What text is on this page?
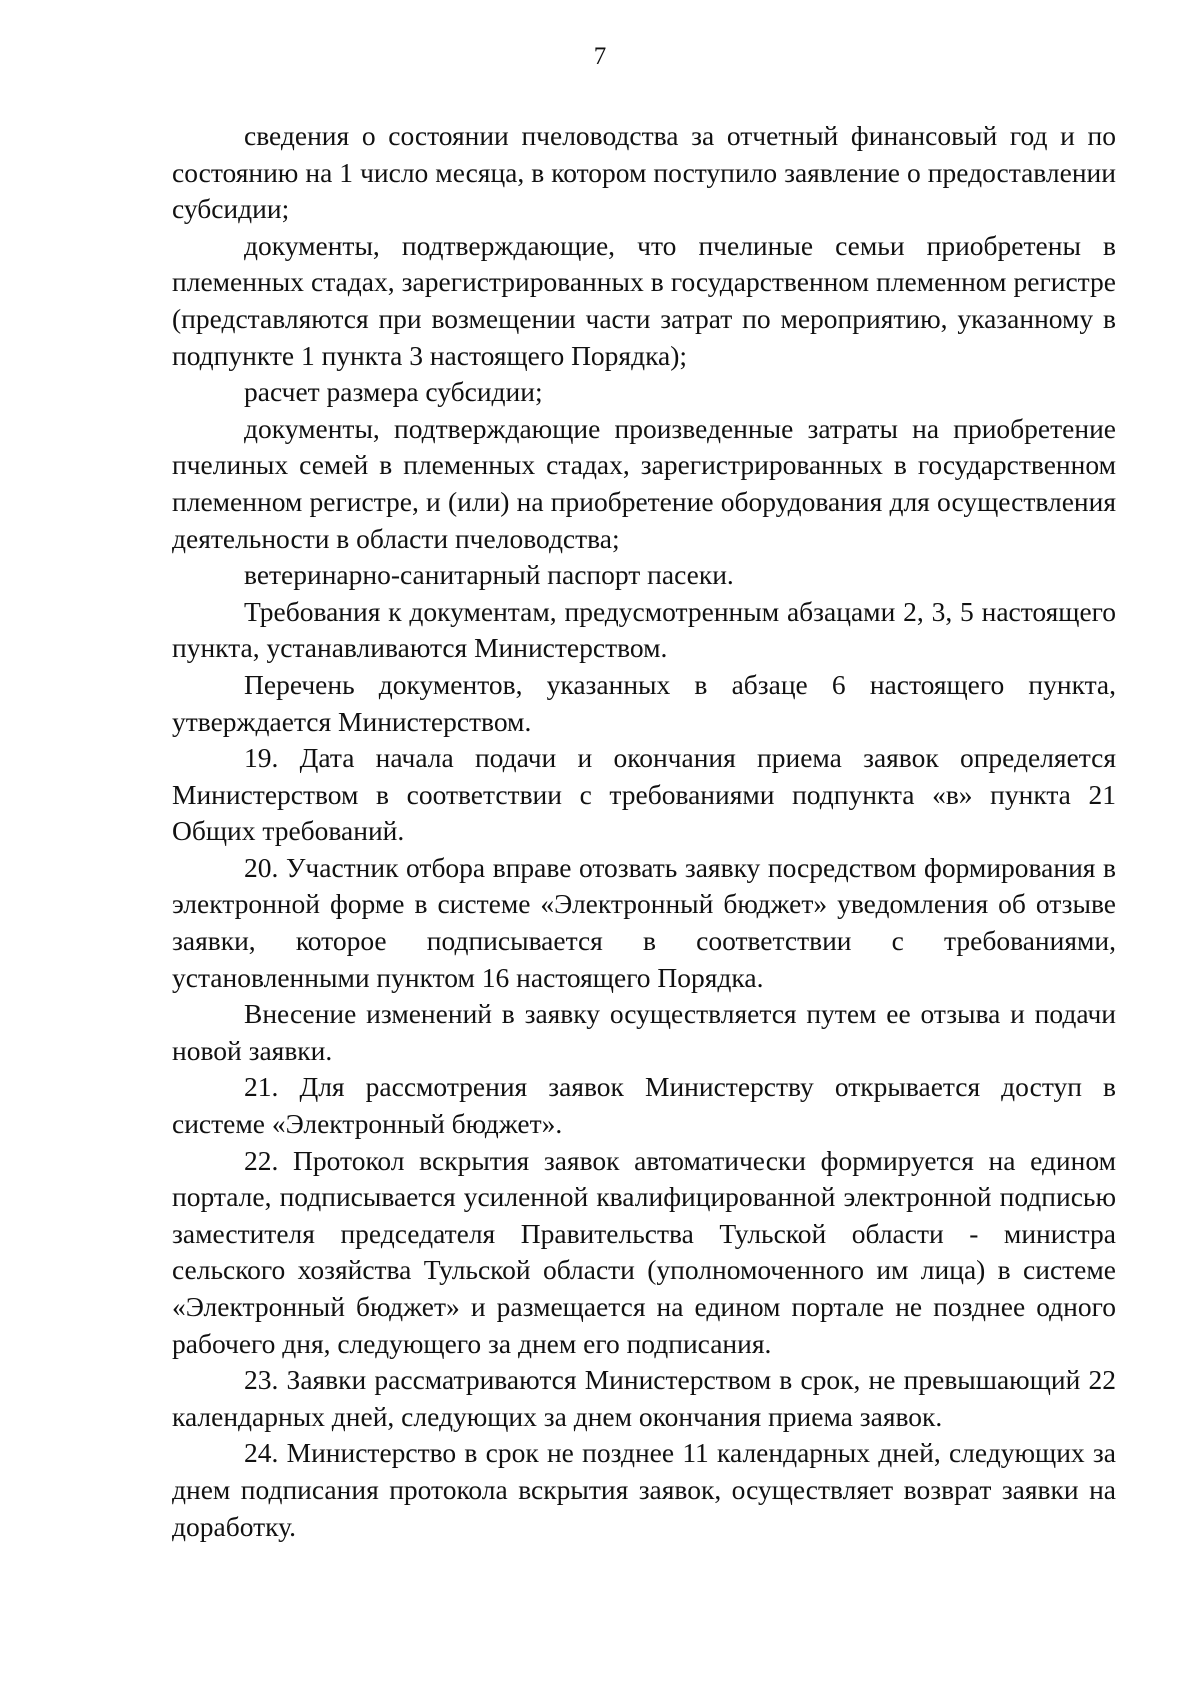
7

сведения о состоянии пчеловодства за отчетный финансовый год и по состоянию на 1 число месяца, в котором поступило заявление о предоставлении субсидии;

документы, подтверждающие, что пчелиные семьи приобретены в племенных стадах, зарегистрированных в государственном племенном регистре (представляются при возмещении части затрат по мероприятию, указанному в подпункте 1 пункта 3 настоящего Порядка);

расчет размера субсидии;

документы, подтверждающие произведенные затраты на приобретение пчелиных семей в племенных стадах, зарегистрированных в государственном племенном регистре, и (или) на приобретение оборудования для осуществления деятельности в области пчеловодства;

ветеринарно-санитарный паспорт пасеки.

Требования к документам, предусмотренным абзацами 2, 3, 5 настоящего пункта, устанавливаются Министерством.

Перечень документов, указанных в абзаце 6 настоящего пункта, утверждается Министерством.

19. Дата начала подачи и окончания приема заявок определяется Министерством в соответствии с требованиями подпункта «в» пункта 21 Общих требований.

20. Участник отбора вправе отозвать заявку посредством формирования в электронной форме в системе «Электронный бюджет» уведомления об отзыве заявки, которое подписывается в соответствии с требованиями, установленными пунктом 16 настоящего Порядка.

Внесение изменений в заявку осуществляется путем ее отзыва и подачи новой заявки.

21. Для рассмотрения заявок Министерству открывается доступ в системе «Электронный бюджет».

22. Протокол вскрытия заявок автоматически формируется на едином портале, подписывается усиленной квалифицированной электронной подписью заместителя председателя Правительства Тульской области - министра сельского хозяйства Тульской области (уполномоченного им лица) в системе «Электронный бюджет» и размещается на едином портале не позднее одного рабочего дня, следующего за днем его подписания.

23. Заявки рассматриваются Министерством в срок, не превышающий 22 календарных дней, следующих за днем окончания приема заявок.

24. Министерство в срок не позднее 11 календарных дней, следующих за днем подписания протокола вскрытия заявок, осуществляет возврат заявки на доработку.
